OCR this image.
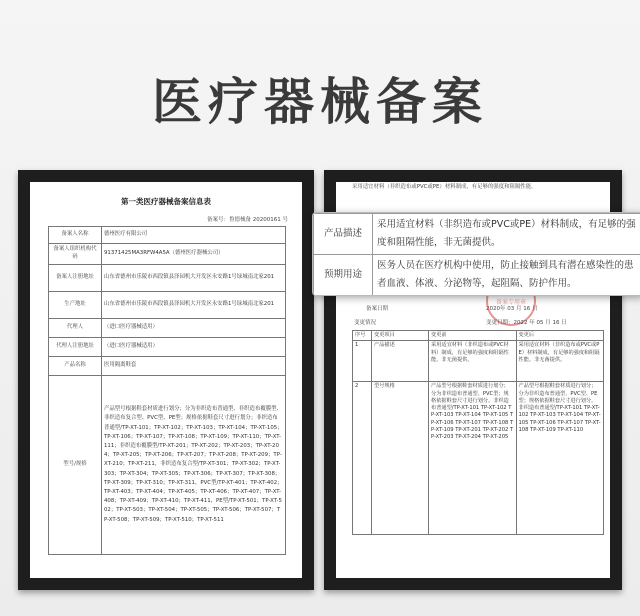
医疗器械备案
第一类医疗器械备案信息表
备案号：鲁德械备 20200161 号
备案人名称	德州医疗有限公司
备案人组织机构代码	91371425MA3RFW4A5A（德州医疗器械公司）
备案人注册地址	山东省德州市乐陵市西段镇县泽园机大开发区永安路1号绿城南北家201
生产地址	山东省德州市乐陵市西段镇县泽园机大开发区永安路1号绿城南北家201
代理人	（进口医疗器械适用）
代理人注册地址	（进口医疗器械适用）
产品名称	医用隔离鞋套
型号/规格	产品型号根据鞋套材质进行划分；分为非织造布普通型、非织造布覆膜型、非织造布复合型、PVC型、PE型；规格依据鞋套尺寸进行划分；非织造布普通型/TP-XT-101；TP-XT-102；TP-XT-103；TP-XT-104；TP-XT-105；TP-XT-106；TP-XT-107；TP-XT-108；TP-XT-109；TP-XT-110；TP-XT-111；非织造布覆膜型/TP-XT-201；TP-XT-202；TP-XT-203；TP-XT-204；TP-XT-205；TP-XT-206；TP-XT-207；TP-XT-208；TP-XT-209；TP-XT-210；TP-XT-211，非织造布复合型/TP-XT-301；TP-XT-302；TP-XT-303；TP-XT-304；TP-XT-305；TP-XT-306；TP-XT-307；TP-XT-308；TP-XT-309；TP-XT-310；TP-XT-311，PVC型/TP-XT-401；TP-XT-402；TP-XT-403；TP-XT-404；TP-XT-405；TP-XT-406；TP-XT-407；TP-XT-408；TP-XT-409；TP-XT-410；TP-XT-411，PE型/TP-XT-501；TP-XT-502；TP-XT-503；TP-XT-504；TP-XT-505；TP-XT-506；TP-XT-507；TP-XT-508；TP-XT-509；TP-XT-510；TP-XT-511
采用适宜材料（非织造布或PVC或PE）材料制成，有足够的强度和阻隔性能。
备案日期	2020年 03 月 16 日
备案专用章
变更日期：2022 年 05 月 16 日
变更情况
序号	变更项目	变更前	变更后
1	产品描述	采用适宜材料（非织造布或PVC材料）制成，有足够的强度和阻隔性能。非无菌提供。	采用适宜材料（非织造布或PVC或PE）材料制成，有足够的强度和阻隔性能。非无菌提供。
2	型号规格	产品型号根据鞋套材质进行划分；分为非织造布普通型、PVC型；规格依据鞋套尺寸进行划分。非织造布普通型/TP-XT-101 TP-XT-102 TP-XT-103 TP-XT-104 TP-XT-105 TP-XT-106 TP-XT-107 TP-XT-108 TP-XT-109 TP-XT-201 TP-XT-202 TP-XT-203 TP-XT-204 TP-XT-205	产品型号根据鞋套材质进行划分；分为非织造布普通型、PVC型、PE型；规格依据鞋套尺寸进行划分。非织造布普通型/TP-XT-101 TP-XT-102 TP-XT-103 TP-XT-104 TP-XT-105 TP-XT-106 TP-XT-107 TP-XT-108 TP-XT-109 TP-XT-110
产品描述	采用适宜材料（非织造布或PVC或PE）材料制成，有足够的强度和阻隔性能，非无菌提供。
预期用途	医务人员在医疗机构中使用，防止接触到具有潜在感染性的患者血液、体液、分泌物等，起阻隔、防护作用。
